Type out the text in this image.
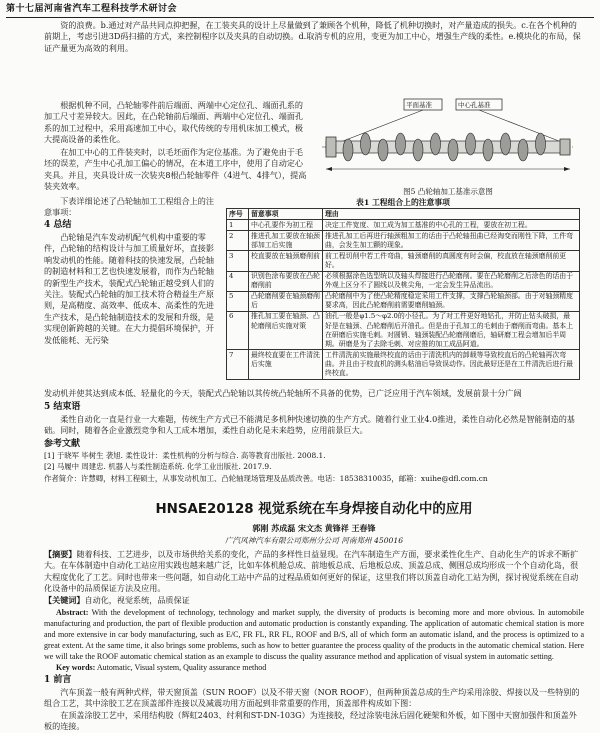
第十七届河南省汽车工程科技学术研讨会

资的浪费。b.通过对产品共同点抑把握，在工装夹具的设计上尽量做到了兼顾各个机种，降低了机种切换时，对产量造成的损失。c.在各个机种的前期上，考虑引进3D码扫描的方式，来控制程序以及夹具的自动切换。d.取消专机的应用，变更为加工中心，增强生产线的柔性。e.模块化的布局，保证产量更为高效的利用。

根据机种不同，凸轮轴零件前后端面、两端中心定位孔、端面孔系的加工尺寸差异较大。因此，在凸轮轴前后端面、两端中心定位孔、端面孔系的加工过程中，采用高速加工中心，取代传统的专用机床加工模式，极大提高设备的柔性化。

在加工中心的工件装夹时，以毛坯面作为定位基准。为了避免由于毛坯的误差，产生中心孔加工偏心的情况，在本道工序中，使用了自动定心夹具。并且，夹具设计成一次装夹8根凸轮轴零件（4进气、4排气），提高装夹效率。

下表详细论述了凸轮轴加工工程组合上的注意事项：

4 总结

凸轮轴是汽车发动机配气机构中重要的零件，凸轮轴的结构设计与加工质量好坏，直接影响发动机的性能。随着科技的快速发展，凸轮轴的制造材料和工艺也快速发展着，而作为凸轮轴的新型生产技术，装配式凸轮轴正越受到人们的关注。装配式凸轮轴的加工技术符合精益生产原则，是高精度、高效率、低成本、高柔性的先进生产技术，是凸轮轴制造技术的发展和升级，是实现创新跨越的关键。在大力提倡环境保护，开发低能耗、无污染

发动机并使其达到成本低、轻量化的今天，装配式凸轮轴以其传统凸轮轴所不具备的优势，已广泛应用于汽车领域，发展前景十分广阔

5 结束语

柔性自动化一直是行业一大难题，传统生产方式已不能满足多机种快速切换的生产方式。随着行业工业4.0推进，柔性自动化必然是智能制造的基础。同时，随着各企业激烈竞争和人工成本增加，柔性自动化是未来趋势，应用前景巨大。

参考文献

[1] 于晓军 毕树生 袭旭. 柔性设计：柔性机构的分析与综合. 高等教育出版社. 2008.1.

[2] 马履中 周建忠. 机器人与柔性制造系统. 化学工业出版社. 2017.9.

作者简介：许慧卿，材料工程硕士，从事发动机加工、凸轮轴现场管理及品质改善。电话：18538310035，邮箱：xuihe@dfl.com.cn

平面基准	中心孔基准
图5 凸轮轴加工基准示意图
表1 工程组合上的注意事项
序号	留意事项	理由
1	中心孔要作为初工程	决定工件宽度、加工成为加工基准的中心孔的工程，要放在初工程。
2	推进孔加工要放在轴颈部加工后实施	推进孔加工后再进行轴颈粗加工的话由于凸轮轴扭曲已经淘变而刚性下降，工件弯曲，会发生加工颤的现象。
3	校直要放在轴颈磨削前	前工程切削中若工件弯曲，轴颈磨削的真圆度有时会偏，校直放在轴颈磨削前更好。
4	识别色涂布要放在凸轮磨削前	必须根据涂色选型统以及轴头焊接进行凸轮磨削。要在凸轮磨削之后涂色的话由于外观上区分不了圆线以及桃尖角，一定会发生异品流出。
5	凸轮磨削要在轴颈磨削后	凸轮磨削中为了使凸轮精度稳定采用工件支撑，支撑凸轮轴颈部。由于对轴颈精度要求高，因此凸轮磨削前需要磨削轴颈。
6	推孔加工要在轴颈、凸轮磨削后实施对策	油孔一般是φ1.5～φ2.0的小径孔。为了对工件更好地钻孔，并防止钻头破损，最好是在轴颈、凸轮磨削后开油孔。但是由于孔加工的毛刺由于磨削而弯曲。基本上在研磨后实施毛刺。对圆销、轴颈装配凸轮磨削磨后，轴研磨工程会增加后半周期。研磨是为了去除毛刺、对应推的加工成品阿道。
7	最终校直要在工件清洗后实施	工件清洗前实施最终校直的话由于清洗机内的卸载等导致校直后的凸轮轴再次弯曲。并且由于校直机的测头粘油后导致误动作。因此最好还是在工件清洗后进行最终校直。
HNSAE20128 视觉系统在车身焊接自动化中的应用

郭刚 苏成磊 宋文杰 黄锋祥 王春锋

广汽风神汽车有限公司郑州分公司 河南郑州 450016

【摘要】随着科技、工艺进步，以及市场供给关系的变化，产品的多样性日益显现。在汽车制造生产方面，要求柔性化生产、自动化生产的诉求不断扩大。在车体制造中自动化工站应用实践也越来越广泛，比如车体机舱总成、前地板总成、后地板总成、顶盖总成、侧围总成均形成一个个自动化岛，很大程度优化了工艺。同时也带来一些问题，如自动化工站中产品的过程品质如何更好的保证，这里我们将以顶盖自动化工站为例，探讨视觉系统在自动化设备中的品质保证方法及应用。

【关键词】自动化，视觉系统，品质保证

Abstract: With the development of technology, technology and market supply, the diversity of products is becoming more and more obvious. In automobile manufacturing and production, the part of flexible production and automatic production is constantly expanding. The application of automatic chemical station is more and more extensive in car body manufacturing, such as E/C, FR FL, RR FL, ROOF and B/S, all of which form an automatic island, and the process is optimized to a great extent. At the same time, it also brings some problems, such as how to better guarantee the process quality of the products in the automatic chemical station. Here we will take the ROOF automatic chemical station as an example to discuss the quality assurance method and application of visual system in automatic setting.

Key words: Automatic, Visual system, Quality assurance method

1 前言

汽车顶盖一般有两种式样，带天窗顶盖（SUN ROOF）以及不带天窗（NOR ROOF），但两种顶盖总成的生产均采用涂胶、焊接以及一些特别的组合工艺，其中涂胶工艺在顶盖部件连接以及减震功用方面起到非常重要的作用，顶盖部件构成如下图：

在顶盖涂胶工艺中，采用结构胶（辉虹2403、纣利和ST-DN-103G）为连接胶，经过涂装电泳后固化硬架和外板，如下图中天窗加强件和顶盖外板的连接。
